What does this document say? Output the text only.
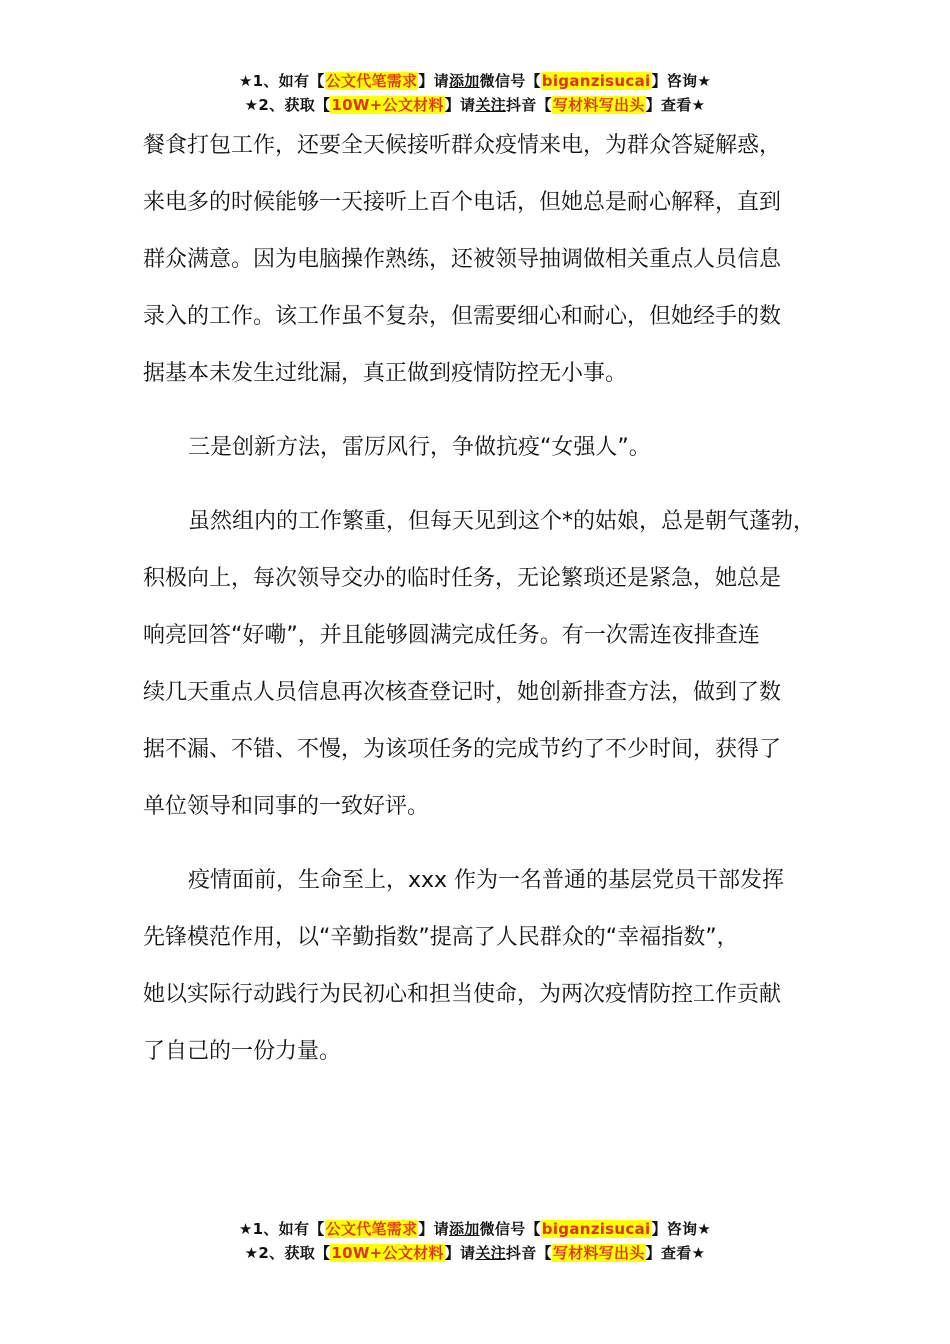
★1、如有【公文代笔需求】请添加微信号【biganzisucai】咨询★
★2、获取【10W+公文材料】请关注抖音【写材料写出头】查看★
餐食打包工作，还要全天候接听群众疫情来电，为群众答疑解惑，
来电多的时候能够一天接听上百个电话，但她总是耐心解释，直到
群众满意。因为电脑操作熟练，还被领导抽调做相关重点人员信息
录入的工作。该工作虽不复杂，但需要细心和耐心，但她经手的数
据基本未发生过纰漏，真正做到疫情防控无小事。
三是创新方法，雷厉风行，争做抗疫“女强人”。
虽然组内的工作繁重，但每天见到这个*的姑娘，总是朝气蓬勃，
积极向上，每次领导交办的临时任务，无论繁琐还是紧急，她总是
响亮回答“好嘞”，并且能够圆满完成任务。有一次需连夜排查连
续几天重点人员信息再次核查登记时，她创新排查方法，做到了数
据不漏、不错、不慢，为该项任务的完成节约了不少时间，获得了
单位领导和同事的一致好评。
疫情面前，生命至上，xxx 作为一名普通的基层党员干部发挥
先锋模范作用，以“辛勤指数”提高了人民群众的“幸福指数”，
她以实际行动践行为民初心和担当使命，为两次疫情防控工作贡献
了自己的一份力量。
★1、如有【公文代笔需求】请添加微信号【biganzisucai】咨询★
★2、获取【10W+公文材料】请关注抖音【写材料写出头】查看★
